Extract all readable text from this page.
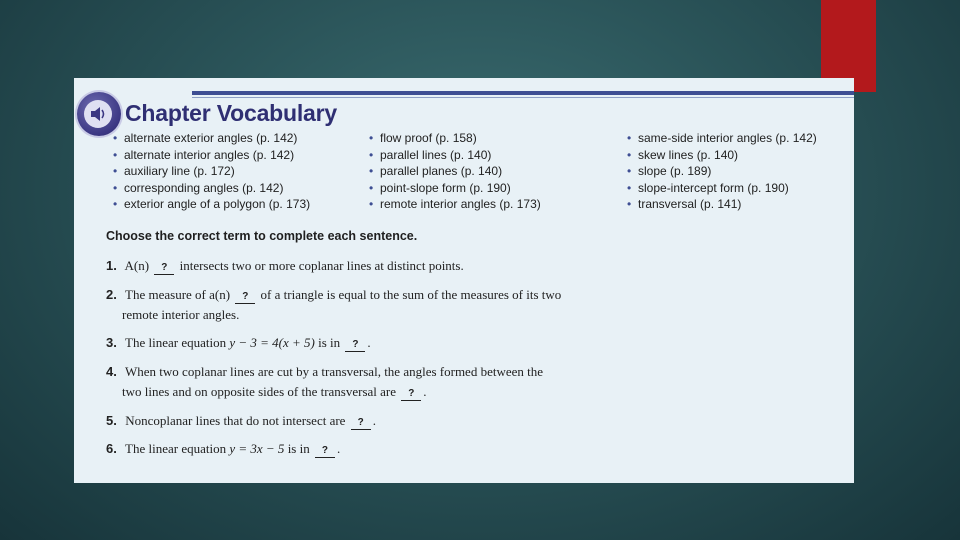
Chapter Vocabulary
• alternate exterior angles (p. 142)
• alternate interior angles (p. 142)
• auxiliary line (p. 172)
• corresponding angles (p. 142)
• exterior angle of a polygon (p. 173)
• flow proof (p. 158)
• parallel lines (p. 140)
• parallel planes (p. 140)
• point-slope form (p. 190)
• remote interior angles (p. 173)
• same-side interior angles (p. 142)
• skew lines (p. 140)
• slope (p. 189)
• slope-intercept form (p. 190)
• transversal (p. 141)
Choose the correct term to complete each sentence.
1. A(n) ? intersects two or more coplanar lines at distinct points.
2. The measure of a(n) ? of a triangle is equal to the sum of the measures of its two
remote interior angles.
3. The linear equation y − 3 = 4(x + 5) is in ? .
4. When two coplanar lines are cut by a transversal, the angles formed between the
two lines and on opposite sides of the transversal are ? .
5. Noncoplanar lines that do not intersect are ? .
6. The linear equation y = 3x − 5 is in ? .
